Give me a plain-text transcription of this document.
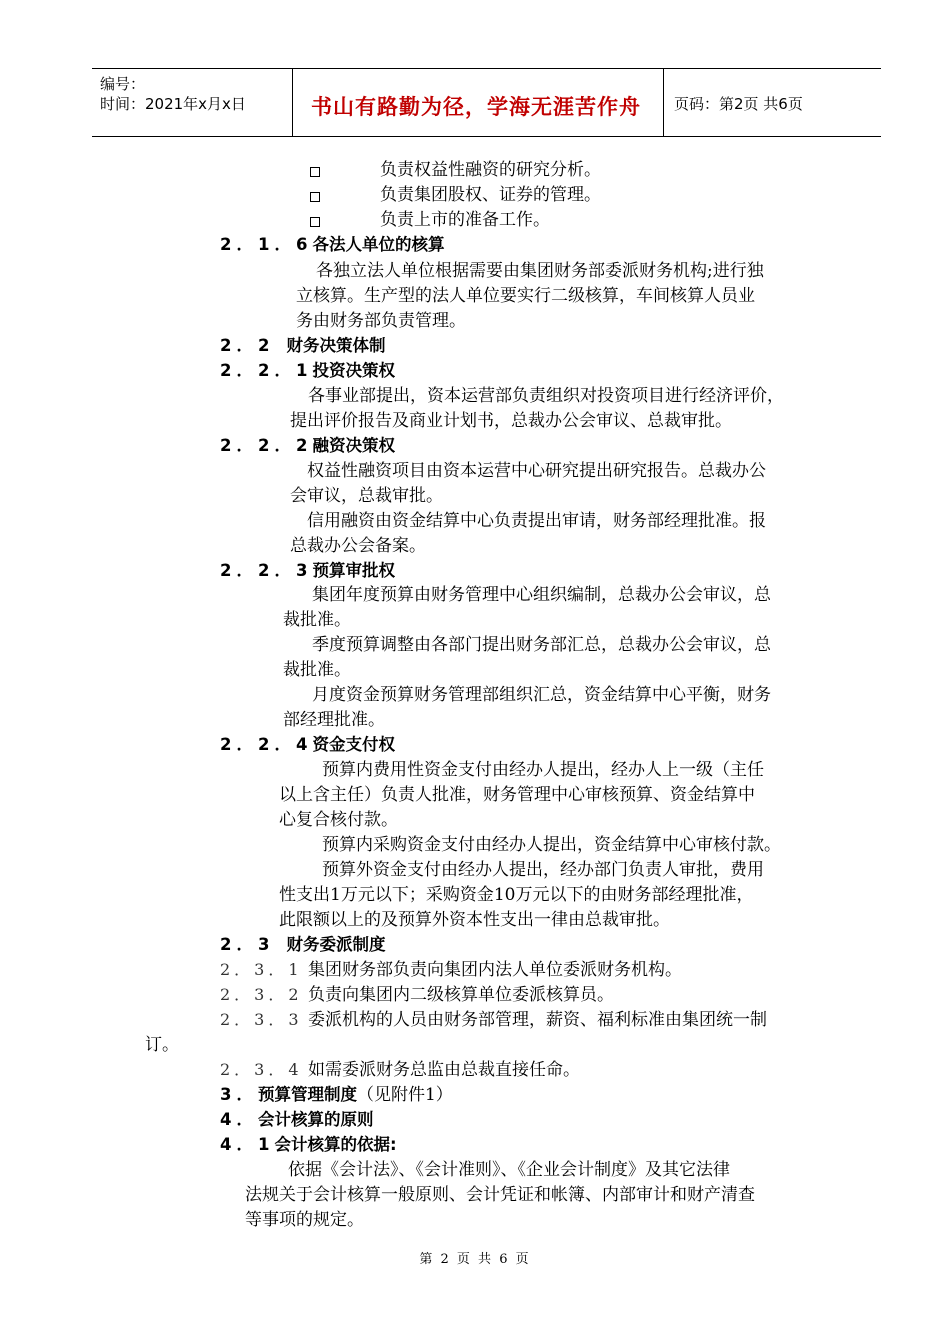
编号：
时间：2021年x月x日	书山有路勤为径，学海无涯苦作舟 页码：第2页 共6页
负责权益性融资的研究分析。
负责集团股权、证券的管理。
负责上市的准备工作。
2．1．6各法人单位的核算
各独立法人单位根据需要由集团财务部委派财务机构;进行独
立核算。生产型的法人单位要实行二级核算，车间核算人员业
务由财务部负责管理。
2．2 财务决策体制
2．2．1投资决策权
各事业部提出，资本运营部负责组织对投资项目进行经济评价，
提出评价报告及商业计划书，总裁办公会审议、总裁审批。
2．2．2融资决策权
权益性融资项目由资本运营中心研究提出研究报告。总裁办公
会审议，总裁审批。
信用融资由资金结算中心负责提出审请，财务部经理批准。报
总裁办公会备案。
2．2．3预算审批权
集团年度预算由财务管理中心组织编制，总裁办公会审议，总
裁批准。
季度预算调整由各部门提出财务部汇总，总裁办公会审议，总
裁批准。
月度资金预算财务管理部组织汇总，资金结算中心平衡，财务
部经理批准。
2．2．4资金支付权
预算内费用性资金支付由经办人提出，经办人上一级（主任
以上含主任）负责人批准，财务管理中心审核预算、资金结算中
心复合核付款。
预算内采购资金支付由经办人提出，资金结算中心审核付款。
预算外资金支付由经办人提出，经办部门负责人审批，费用
性支出1万元以下；采购资金10万元以下的由财务部经理批准，
此限额以上的及预算外资本性支出一律由总裁审批。
2．3 财务委派制度
2．3．1 集团财务部负责向集团内法人单位委派财务机构。
2．3．2 负责向集团内二级核算单位委派核算员。
2．3．3 委派机构的人员由财务部管理，薪资、福利标准由集团统一制
订。
2．3．4 如需委派财务总监由总裁直接任命。
3．预算管理制度（见附件1）
4．会计核算的原则
4．1会计核算的依据:
依据《会计法》、《会计准则》、《企业会计制度》及其它法律
法规关于会计核算一般原则、会计凭证和帐簿、内部审计和财产清查
等事项的规定。
第 2 页 共 6 页
